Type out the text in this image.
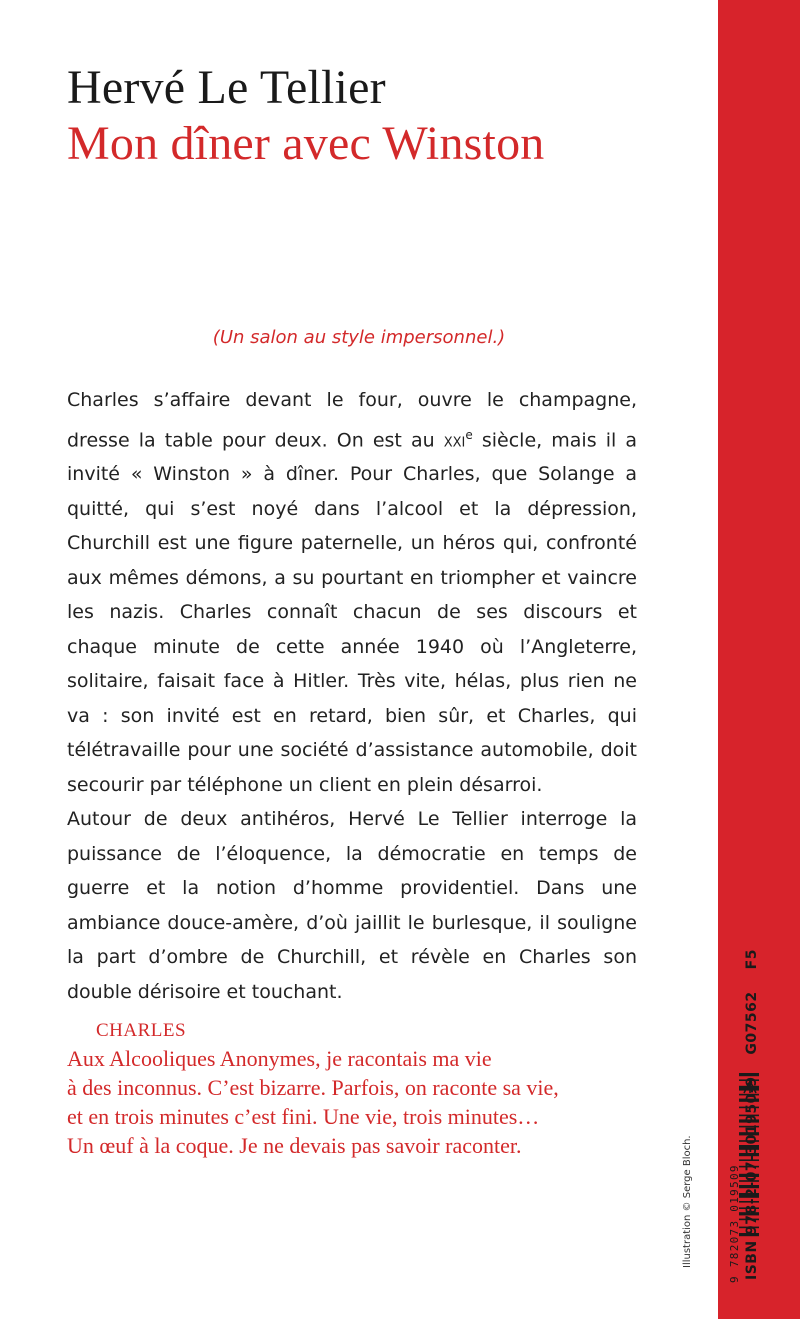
Hervé Le Tellier
Mon dîner avec Winston
(Un salon au style impersonnel.)

Charles s’affaire devant le four, ouvre le champagne, dresse la table pour deux. On est au xxi$^e$ siècle, mais il a invité « Winston » à dîner. Pour Charles, que Solange a quitté, qui s’est noyé dans l’alcool et la dépression, Churchill est une figure paternelle, un héros qui, confronté aux mêmes démons, a su pourtant en triompher et vaincre les nazis. Charles connaît chacun de ses discours et chaque minute de cette année 1940 où l’Angleterre, solitaire, faisait face à Hitler. Très vite, hélas, plus rien ne va : son invité est en retard, bien sûr, et Charles, qui télétravaille pour une société d’assistance automobile, doit secourir par téléphone un client en plein désarroi.

Autour de deux antihéros, Hervé Le Tellier interroge la puissance de l’éloquence, la démocratie en temps de guerre et la notion d’homme providentiel. Dans une ambiance douce-amère, d’où jaillit le burlesque, il souligne la part d’ombre de Churchill, et révèle en Charles son double dérisoire et touchant.

CHARLES
Aux Alcooliques Anonymes, je racontais ma vie
à des inconnus. C’est bizarre. Parfois, on raconte sa vie,
et en trois minutes c’est fini. Une vie, trois minutes…
Un œuf à la coque. Je ne devais pas savoir raconter.	Illustration © Serge Bloch.	9 782073 019509 ISBN 978-2-07-301950-9G07562F5
